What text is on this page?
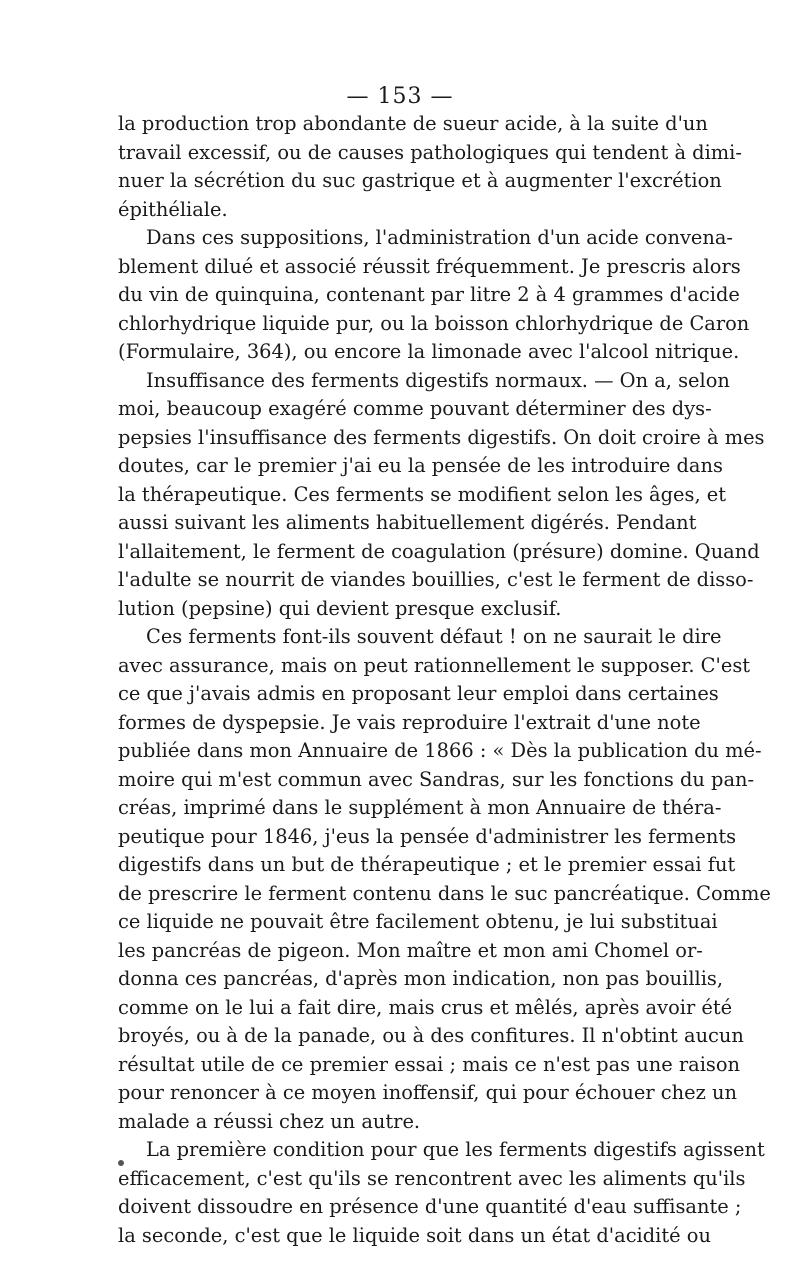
— 153 —
la production trop abondante de sueur acide, à la suite d'un
travail excessif, ou de causes pathologiques qui tendent à dimi-
nuer la sécrétion du suc gastrique et à augmenter l'excrétion
épithéliale.
Dans ces suppositions, l'administration d'un acide convena-
blement dilué et associé réussit fréquemment. Je prescris alors
du vin de quinquina, contenant par litre 2 à 4 grammes d'acide
chlorhydrique liquide pur, ou la boisson chlorhydrique de Caron
(Formulaire, 364), ou encore la limonade avec l'alcool nitrique.
Insuffisance des ferments digestifs normaux. — On a, selon
moi, beaucoup exagéré comme pouvant déterminer des dys-
pepsies l'insuffisance des ferments digestifs. On doit croire à mes
doutes, car le premier j'ai eu la pensée de les introduire dans
la thérapeutique. Ces ferments se modifient selon les âges, et
aussi suivant les aliments habituellement digérés. Pendant
l'allaitement, le ferment de coagulation (présure) domine. Quand
l'adulte se nourrit de viandes bouillies, c'est le ferment de disso-
lution (pepsine) qui devient presque exclusif.
Ces ferments font-ils souvent défaut ! on ne saurait le dire
avec assurance, mais on peut rationnellement le supposer. C'est
ce que j'avais admis en proposant leur emploi dans certaines
formes de dyspepsie. Je vais reproduire l'extrait d'une note
publiée dans mon Annuaire de 1866 : « Dès la publication du mé-
moire qui m'est commun avec Sandras, sur les fonctions du pan-
créas, imprimé dans le supplément à mon Annuaire de théra-
peutique pour 1846, j'eus la pensée d'administrer les ferments
digestifs dans un but de thérapeutique ; et le premier essai fut
de prescrire le ferment contenu dans le suc pancréatique. Comme
ce liquide ne pouvait être facilement obtenu, je lui substituai
les pancréas de pigeon. Mon maître et mon ami Chomel or-
donna ces pancréas, d'après mon indication, non pas bouillis,
comme on le lui a fait dire, mais crus et mêlés, après avoir été
broyés, ou à de la panade, ou à des confitures. Il n'obtint aucun
résultat utile de ce premier essai ; mais ce n'est pas une raison
pour renoncer à ce moyen inoffensif, qui pour échouer chez un
malade a réussi chez un autre.
La première condition pour que les ferments digestifs agissent
efficacement, c'est qu'ils se rencontrent avec les aliments qu'ils
doivent dissoudre en présence d'une quantité d'eau suffisante ;
la seconde, c'est que le liquide soit dans un état d'acidité ou
